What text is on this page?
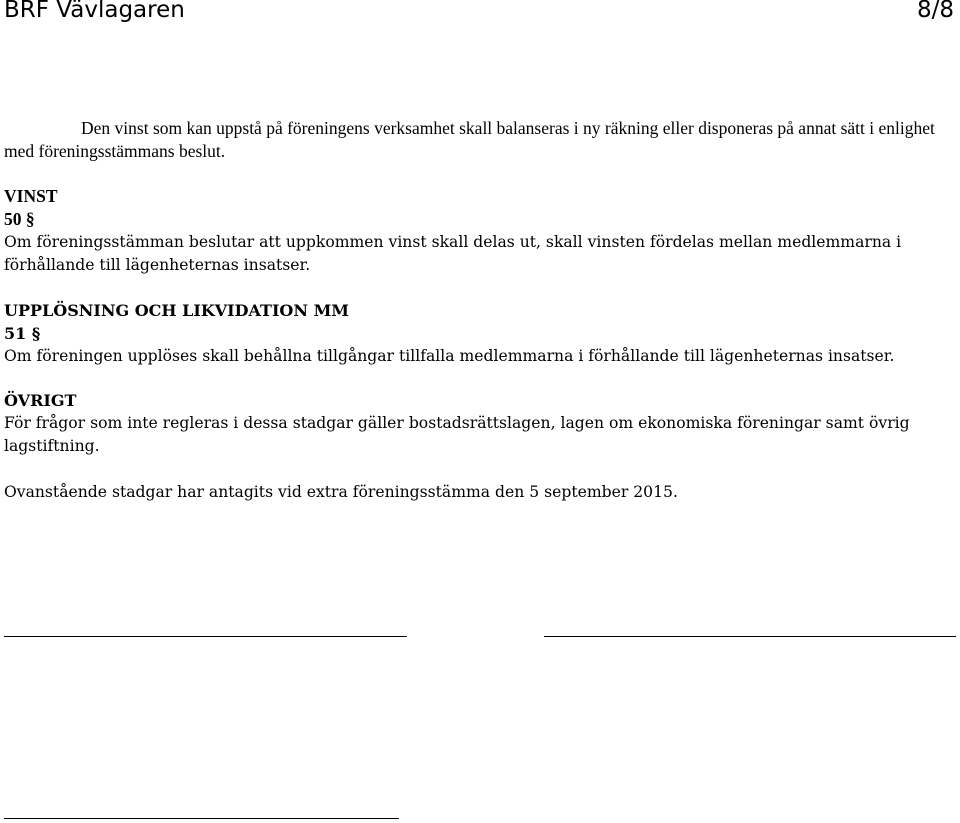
BRF Vävlagaren	8/8

Den vinst som kan uppstå på föreningens verksamhet skall balanseras i ny räkning eller disponeras på annat sätt i enlighet med föreningsstämmans beslut.

VINST
50 §

Om föreningsstämman beslutar att uppkommen vinst skall delas ut, skall vinsten fördelas mellan medlemmarna i förhållande till lägenheternas insatser.

UPPLÖSNING OCH LIKVIDATION MM
51 §

Om föreningen upplöses skall behållna tillgångar tillfalla medlemmarna i förhållande till lägenheternas insatser.

ÖVRIGT

För frågor som inte regleras i dessa stadgar gäller bostadsrättslagen, lagen om ekonomiska föreningar samt övrig lagstiftning.

Ovanstående stadgar har antagits vid extra föreningsstämma den 5 september 2015.
